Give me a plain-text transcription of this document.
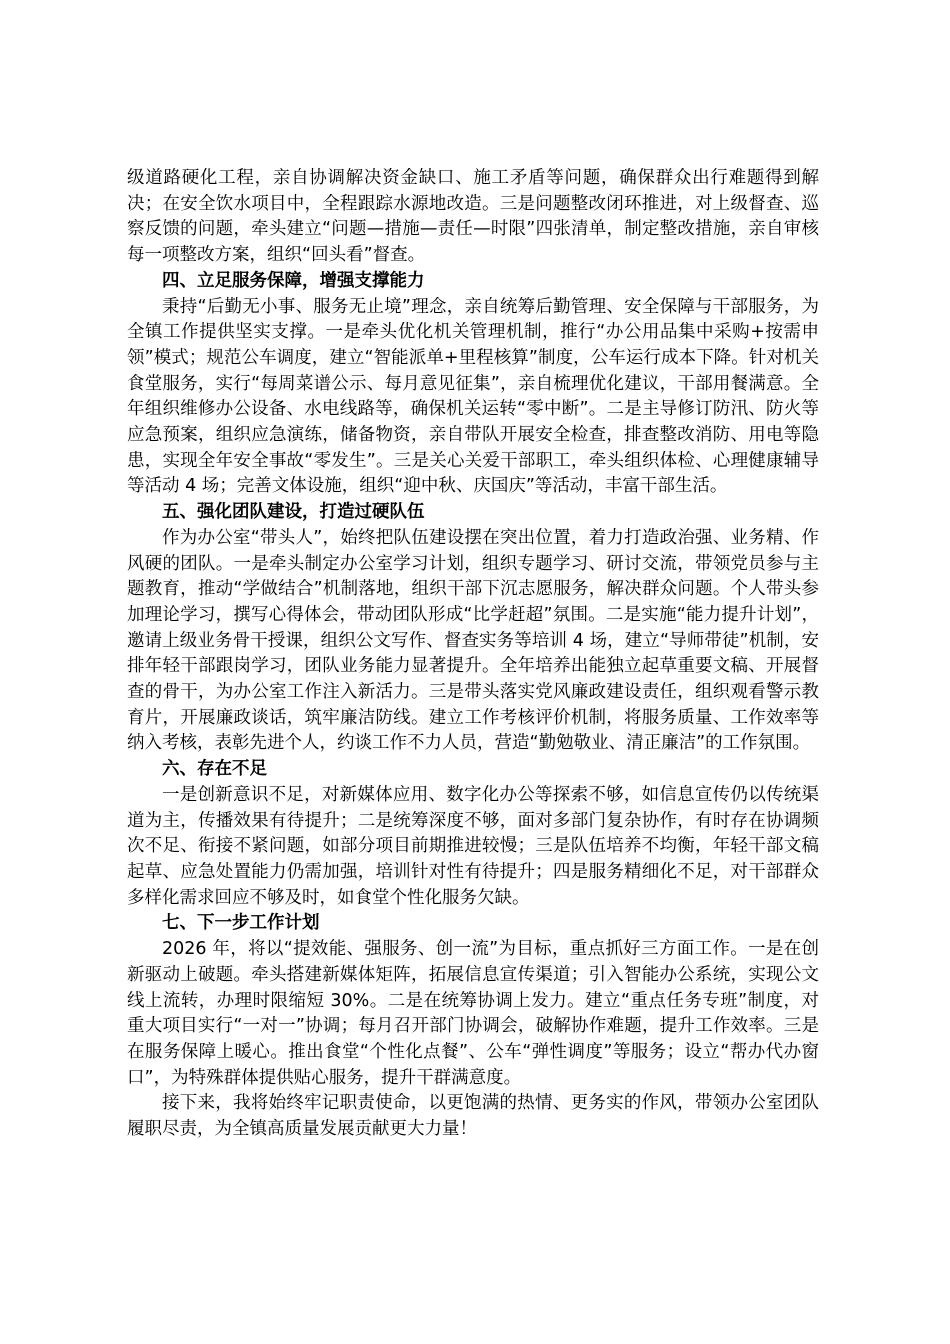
级道路硬化工程，亲自协调解决资金缺口、施工矛盾等问题，确保群众出行难题得到解决；在安全饮水项目中，全程跟踪水源地改造。三是问题整改闭环推进，对上级督查、巡察反馈的问题，牵头建立“问题—措施—责任—时限”四张清单，制定整改措施，亲自审核每一项整改方案，组织“回头看”督查。

四、立足服务保障，增强支撑能力

秉持“后勤无小事、服务无止境”理念，亲自统筹后勤管理、安全保障与干部服务，为全镇工作提供坚实支撑。一是牵头优化机关管理机制，推行“办公用品集中采购+按需申领”模式；规范公车调度，建立“智能派单+里程核算”制度，公车运行成本下降。针对机关食堂服务，实行“每周菜谱公示、每月意见征集”，亲自梳理优化建议，干部用餐满意。全年组织维修办公设备、水电线路等，确保机关运转“零中断”。二是主导修订防汛、防火等应急预案，组织应急演练，储备物资，亲自带队开展安全检查，排查整改消防、用电等隐患，实现全年安全事故“零发生”。三是关心关爱干部职工，牵头组织体检、心理健康辅导等活动 4 场；完善文体设施，组织“迎中秋、庆国庆”等活动，丰富干部生活。

五、强化团队建设，打造过硬队伍

作为办公室“带头人”，始终把队伍建设摆在突出位置，着力打造政治强、业务精、作风硬的团队。一是牵头制定办公室学习计划，组织专题学习、研讨交流，带领党员参与主题教育，推动“学做结合”机制落地，组织干部下沉志愿服务，解决群众问题。个人带头参加理论学习，撰写心得体会，带动团队形成“比学赶超”氛围。二是实施“能力提升计划”，邀请上级业务骨干授课，组织公文写作、督查实务等培训 4 场，建立“导师带徒”机制，安排年轻干部跟岗学习，团队业务能力显著提升。全年培养出能独立起草重要文稿、开展督查的骨干，为办公室工作注入新活力。三是带头落实党风廉政建设责任，组织观看警示教育片，开展廉政谈话，筑牢廉洁防线。建立工作考核评价机制，将服务质量、工作效率等纳入考核，表彰先进个人，约谈工作不力人员，营造“勤勉敬业、清正廉洁”的工作氛围。

六、存在不足

一是创新意识不足，对新媒体应用、数字化办公等探索不够，如信息宣传仍以传统渠道为主，传播效果有待提升；二是统筹深度不够，面对多部门复杂协作，有时存在协调频次不足、衔接不紧问题，如部分项目前期推进较慢；三是队伍培养不均衡，年轻干部文稿起草、应急处置能力仍需加强，培训针对性有待提升；四是服务精细化不足，对干部群众多样化需求回应不够及时，如食堂个性化服务欠缺。

七、下一步工作计划

2026 年，将以“提效能、强服务、创一流”为目标，重点抓好三方面工作。一是在创新驱动上破题。牵头搭建新媒体矩阵，拓展信息宣传渠道；引入智能办公系统，实现公文线上流转，办理时限缩短 30%。二是在统筹协调上发力。建立“重点任务专班”制度，对重大项目实行“一对一”协调；每月召开部门协调会，破解协作难题，提升工作效率。三是在服务保障上暖心。推出食堂“个性化点餐”、公车“弹性调度”等服务；设立“帮办代办窗口”，为特殊群体提供贴心服务，提升干群满意度。

接下来，我将始终牢记职责使命，以更饱满的热情、更务实的作风，带领办公室团队履职尽责，为全镇高质量发展贡献更大力量！
